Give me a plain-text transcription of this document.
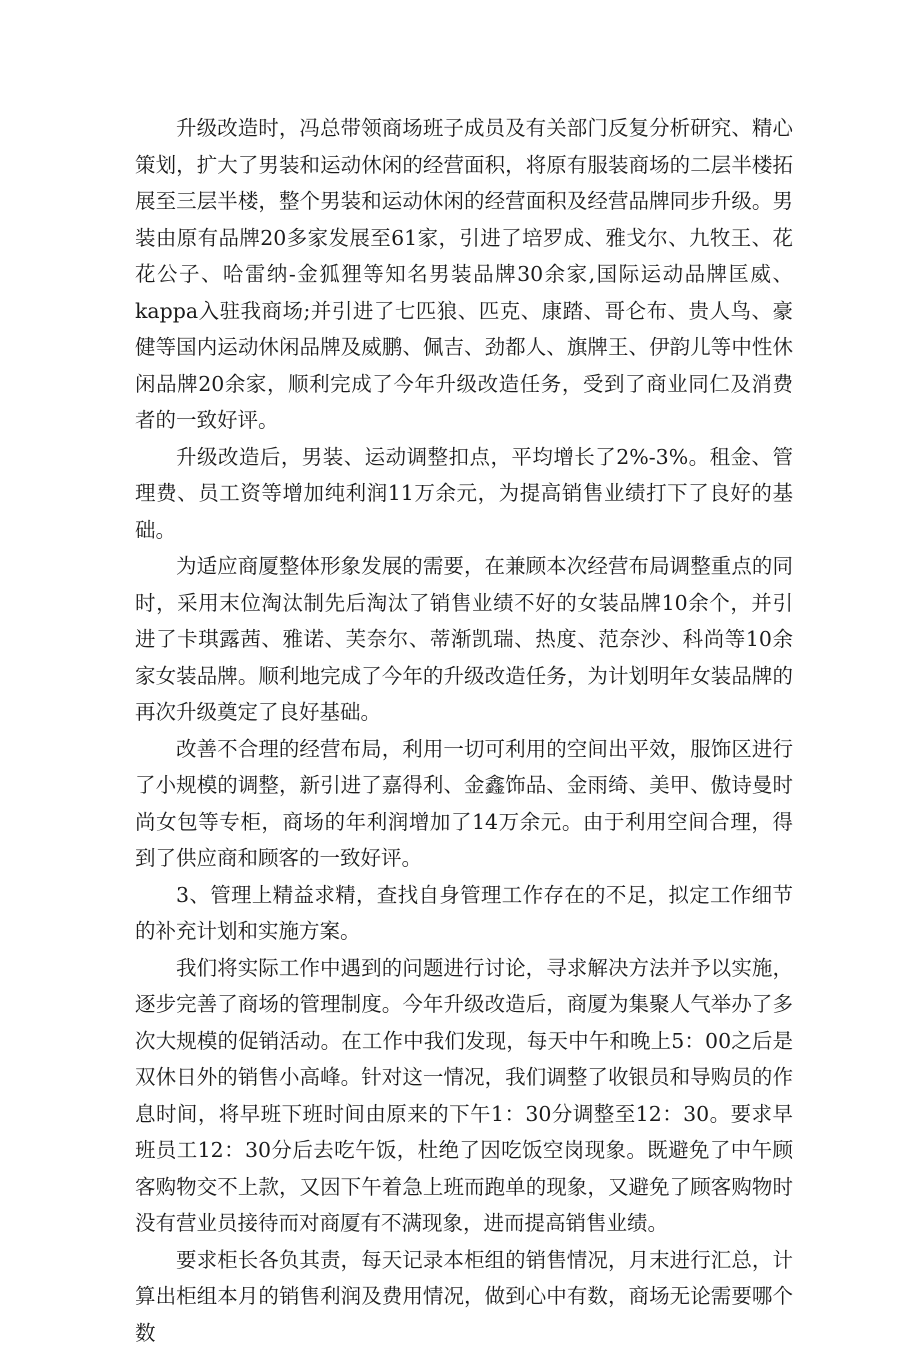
升级改造时，冯总带领商场班子成员及有关部门反复分析研究、精心策划，扩大了男装和运动休闲的经营面积，将原有服装商场的二层半楼拓展至三层半楼，整个男装和运动休闲的经营面积及经营品牌同步升级。男装由原有品牌20多家发展至61家，引进了培罗成、雅戈尔、九牧王、花花公子、哈雷纳-金狐狸等知名男装品牌30余家,国际运动品牌匡威、kappa入驻我商场;并引进了七匹狼、匹克、康踏、哥仑布、贵人鸟、豪健等国内运动休闲品牌及威鹏、佩吉、劲都人、旗牌王、伊韵儿等中性休闲品牌20余家，顺利完成了今年升级改造任务，受到了商业同仁及消费者的一致好评。

升级改造后，男装、运动调整扣点，平均增长了2%-3%。租金、管理费、员工资等增加纯利润11万余元，为提高销售业绩打下了良好的基础。

为适应商厦整体形象发展的需要，在兼顾本次经营布局调整重点的同时，采用末位淘汰制先后淘汰了销售业绩不好的女装品牌10余个，并引进了卡琪露茜、雅诺、芙奈尔、蒂渐凯瑞、热度、范奈沙、科尚等10余家女装品牌。顺利地完成了今年的升级改造任务，为计划明年女装品牌的再次升级奠定了良好基础。

改善不合理的经营布局，利用一切可利用的空间出平效，服饰区进行了小规模的调整，新引进了嘉得利、金鑫饰品、金雨绮、美甲、傲诗曼时尚女包等专柜，商场的年利润增加了14万余元。由于利用空间合理，得到了供应商和顾客的一致好评。

3、管理上精益求精，查找自身管理工作存在的不足，拟定工作细节的补充计划和实施方案。

我们将实际工作中遇到的问题进行讨论，寻求解决方法并予以实施，逐步完善了商场的管理制度。今年升级改造后，商厦为集聚人气举办了多次大规模的促销活动。在工作中我们发现，每天中午和晚上5：00之后是双休日外的销售小高峰。针对这一情况，我们调整了收银员和导购员的作息时间，将早班下班时间由原来的下午1：30分调整至12：30。要求早班员工12：30分后去吃午饭，杜绝了因吃饭空岗现象。既避免了中午顾客购物交不上款，又因下午着急上班而跑单的现象，又避免了顾客购物时没有营业员接待而对商厦有不满现象，进而提高销售业绩。

要求柜长各负其责，每天记录本柜组的销售情况，月末进行汇总，计算出柜组本月的销售利润及费用情况，做到心中有数，商场无论需要哪个数
